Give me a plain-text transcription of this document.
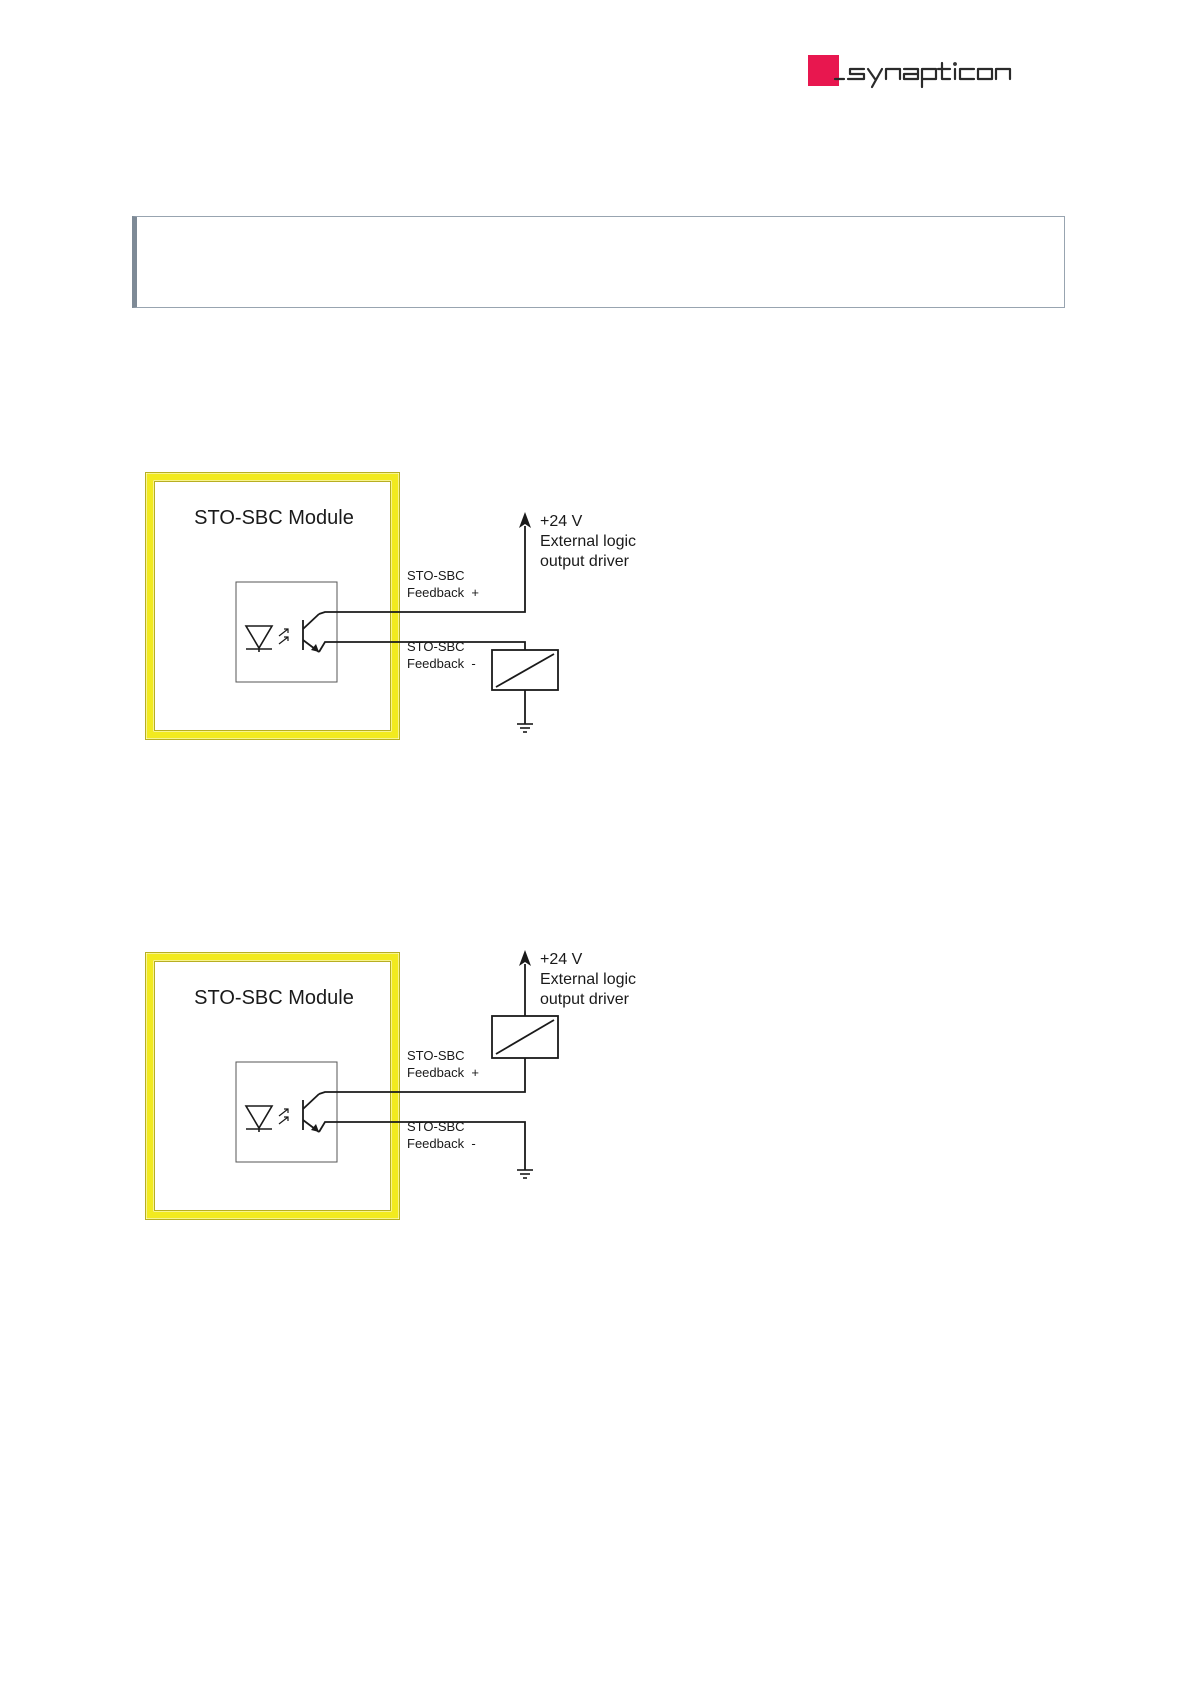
STO-SBC Module	+24 V
External logic
output driver
STO-SBC
Feedback  +
STO-SBC
Feedback  -
STO-SBC Module
+24 V
External logic
output driver
STO-SBC
Feedback  +
STO-SBC
Feedback  -
